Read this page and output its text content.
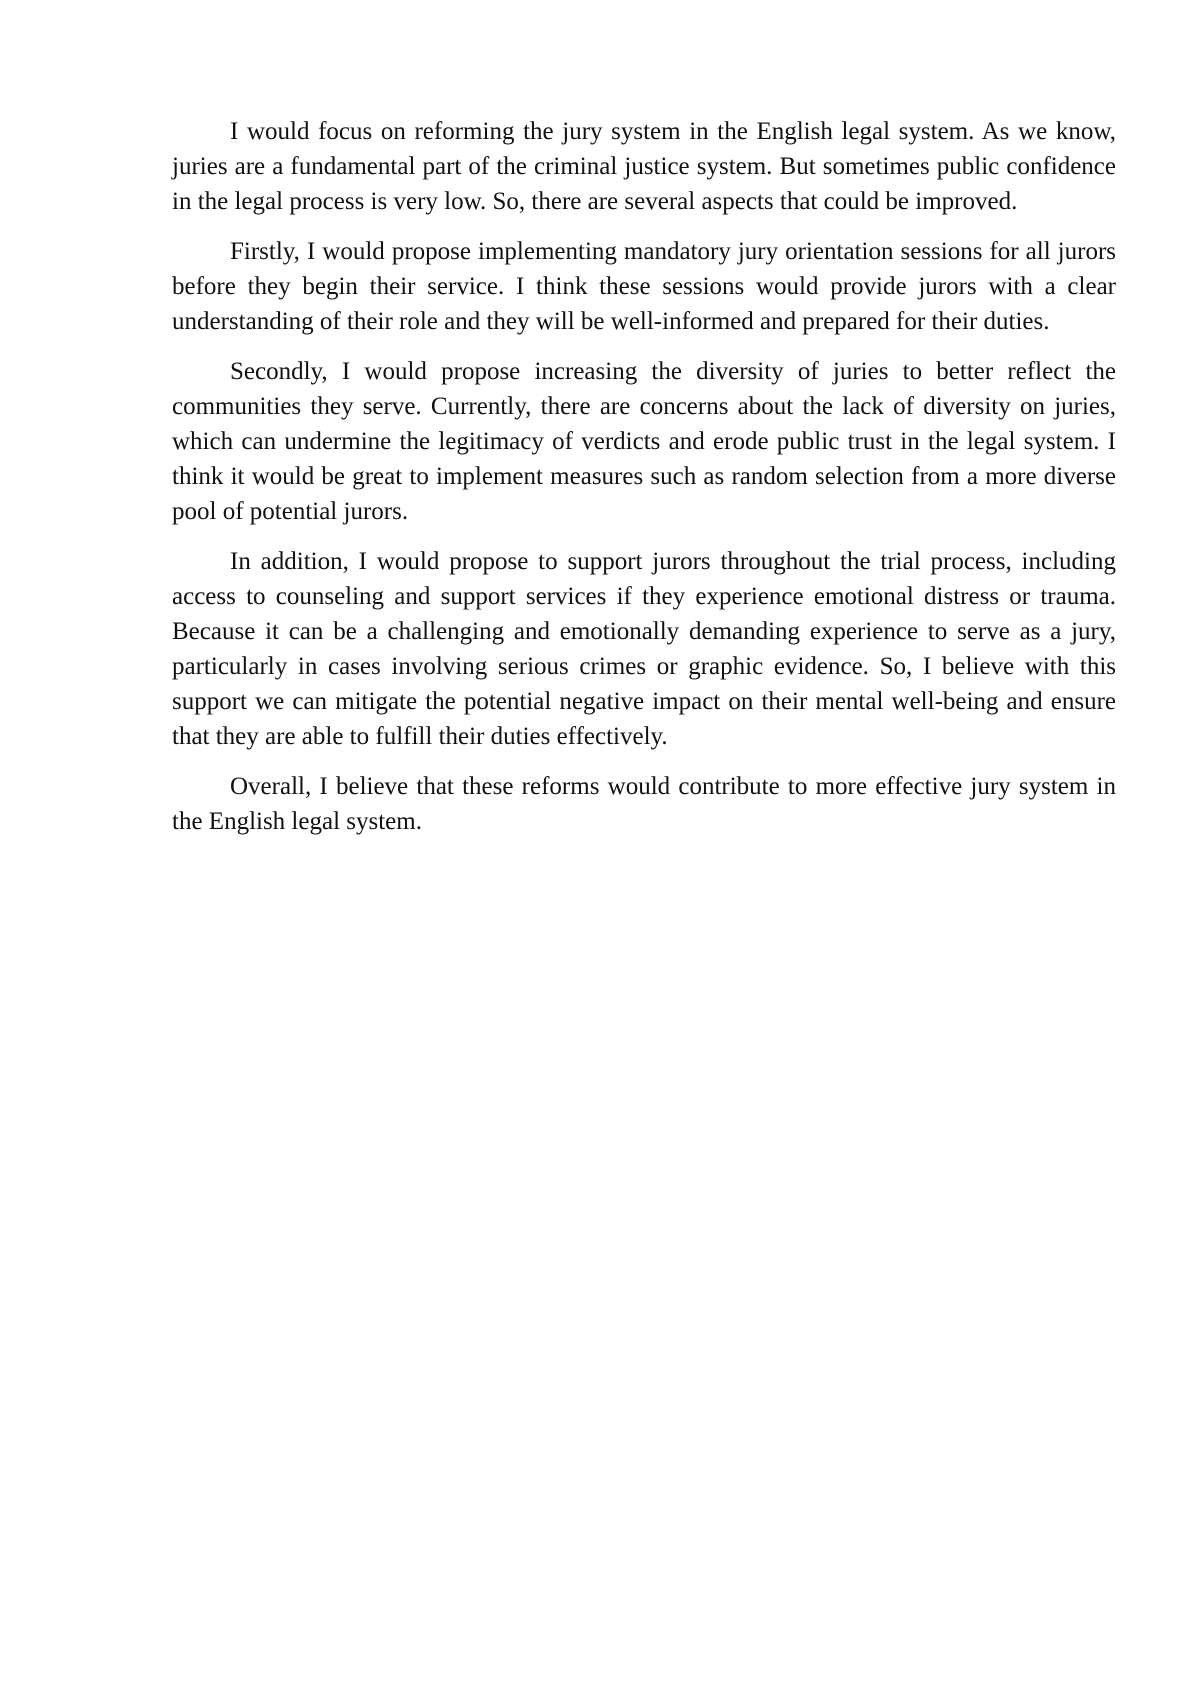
I would focus on reforming the jury system in the English legal system. As we know, juries are a fundamental part of the criminal justice system. But sometimes public confidence in the legal process is very low. So, there are several aspects that could be improved.

Firstly, I would propose implementing mandatory jury orientation sessions for all jurors before they begin their service. I think these sessions would provide jurors with a clear understanding of their role and they will be well-informed and prepared for their duties.

Secondly, I would propose increasing the diversity of juries to better reflect the communities they serve. Currently, there are concerns about the lack of diversity on juries, which can undermine the legitimacy of verdicts and erode public trust in the legal system. I think it would be great to implement measures such as random selection from a more diverse pool of potential jurors.

In addition, I would propose to support jurors throughout the trial process, including access to counseling and support services if they experience emotional distress or trauma. Because it can be a challenging and emotionally demanding experience to serve as a jury, particularly in cases involving serious crimes or graphic evidence. So, I believe with this support we can mitigate the potential negative impact on their mental well-being and ensure that they are able to fulfill their duties effectively.

Overall, I believe that these reforms would contribute to more effective jury system in the English legal system.
